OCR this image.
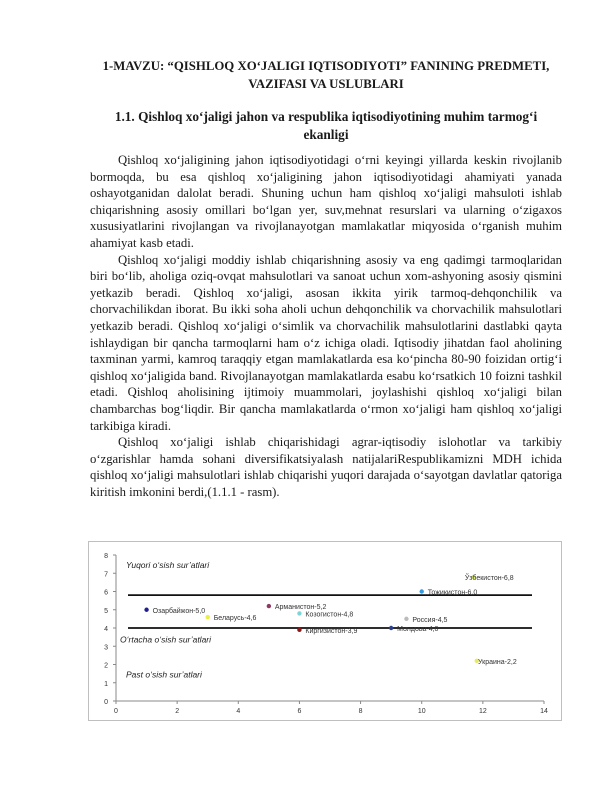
1-MAVZU: “QISHLOQ XO‘JALIGI IQTISODIYOTI” FANINING PREDMETI,
VAZIFASI VA USLUBLARI
1.1. Qishloq xo‘jaligi jahon va respublika iqtisodiyotining muhim tarmog‘i
ekanligi

Qishloq xo‘jaligining jahon iqtisodiyotidagi o‘rni keyingi yillarda keskin rivojlanib bormoqda, bu esa qishloq xo‘jaligining jahon iqtisodiyotidagi ahamiyati yanada oshayotganidan dalolat beradi. Shuning uchun ham qishloq xo‘jaligi mahsuloti ishlab chiqarishning asosiy omillari bo‘lgan yer, suv,mehnat resurslari va ularning o‘zigaxos xususiyatlarini rivojlangan va rivojlanayotgan mamlakatlar miqyosida o‘rganish muhim ahamiyat kasb etadi.

Qishloq xo‘jaligi moddiy ishlab chiqarishning asosiy va eng qadimgi tarmoqlaridan biri bo‘lib, aholiga oziq-ovqat mahsulotlari va sanoat uchun xom-ashyoning asosiy qismini yetkazib beradi. Qishloq xo‘jaligi, asosan ikkita yirik tarmoq-dehqonchilik va chorvachilikdan iborat. Bu ikki soha aholi uchun dehqonchilik va chorvachilik mahsulotlari yetkazib beradi. Qishloq xo‘jaligi o‘simlik va chorvachilik mahsulotlarini dastlabki qayta ishlaydigan bir qancha tarmoqlarni ham o‘z ichiga oladi. Iqtisodiy jihatdan faol aholining taxminan yarmi, kamroq taraqqiy etgan mamlakatlarda esa ko‘pincha 80-90 foizidan ortig‘i qishloq xo‘jaligida band. Rivojlanayotgan mamlakatlarda esabu ko‘rsatkich 10 foizni tashkil etadi. Qishloq aholisining ijtimoiy muammolari, joylashishi qishloq xo‘jaligi bilan chambarchas bog‘liqdir. Bir qancha mamlakatlarda o‘rmon xo‘jaligi ham qishloq xo‘jaligi tarkibiga kiradi.

Qishloq xo‘jaligi ishlab chiqarishidagi agrar-iqtisodiy islohotlar va tarkibiy o‘zgarishlar hamda sohani diversifikatsiyalash natijalariRespublikamizni MDH ichida qishloq xo‘jaligi mahsulotlari ishlab chiqarishi yuqori darajada o‘sayotgan davlatlar qatoriga kiritish imkonini berdi,(1.1.1 - rasm).

0
1
2
3
4
5
6
7
8
0	2	4	6	8	10	12	14
Yuqori o‘sish sur’atlari
O‘rtacha o‘sish sur’atlari
Past o‘sish sur’atlari
Озарбайжон-5,0
Арманистон-5,2
Беларусь-4,6
Козогистон-4,8
Киргизистон-3,9	Молдова-4,0
Россия-4,5
Тожикистон-6,0
Ўзбекистон-6,8
Украина-2,2
